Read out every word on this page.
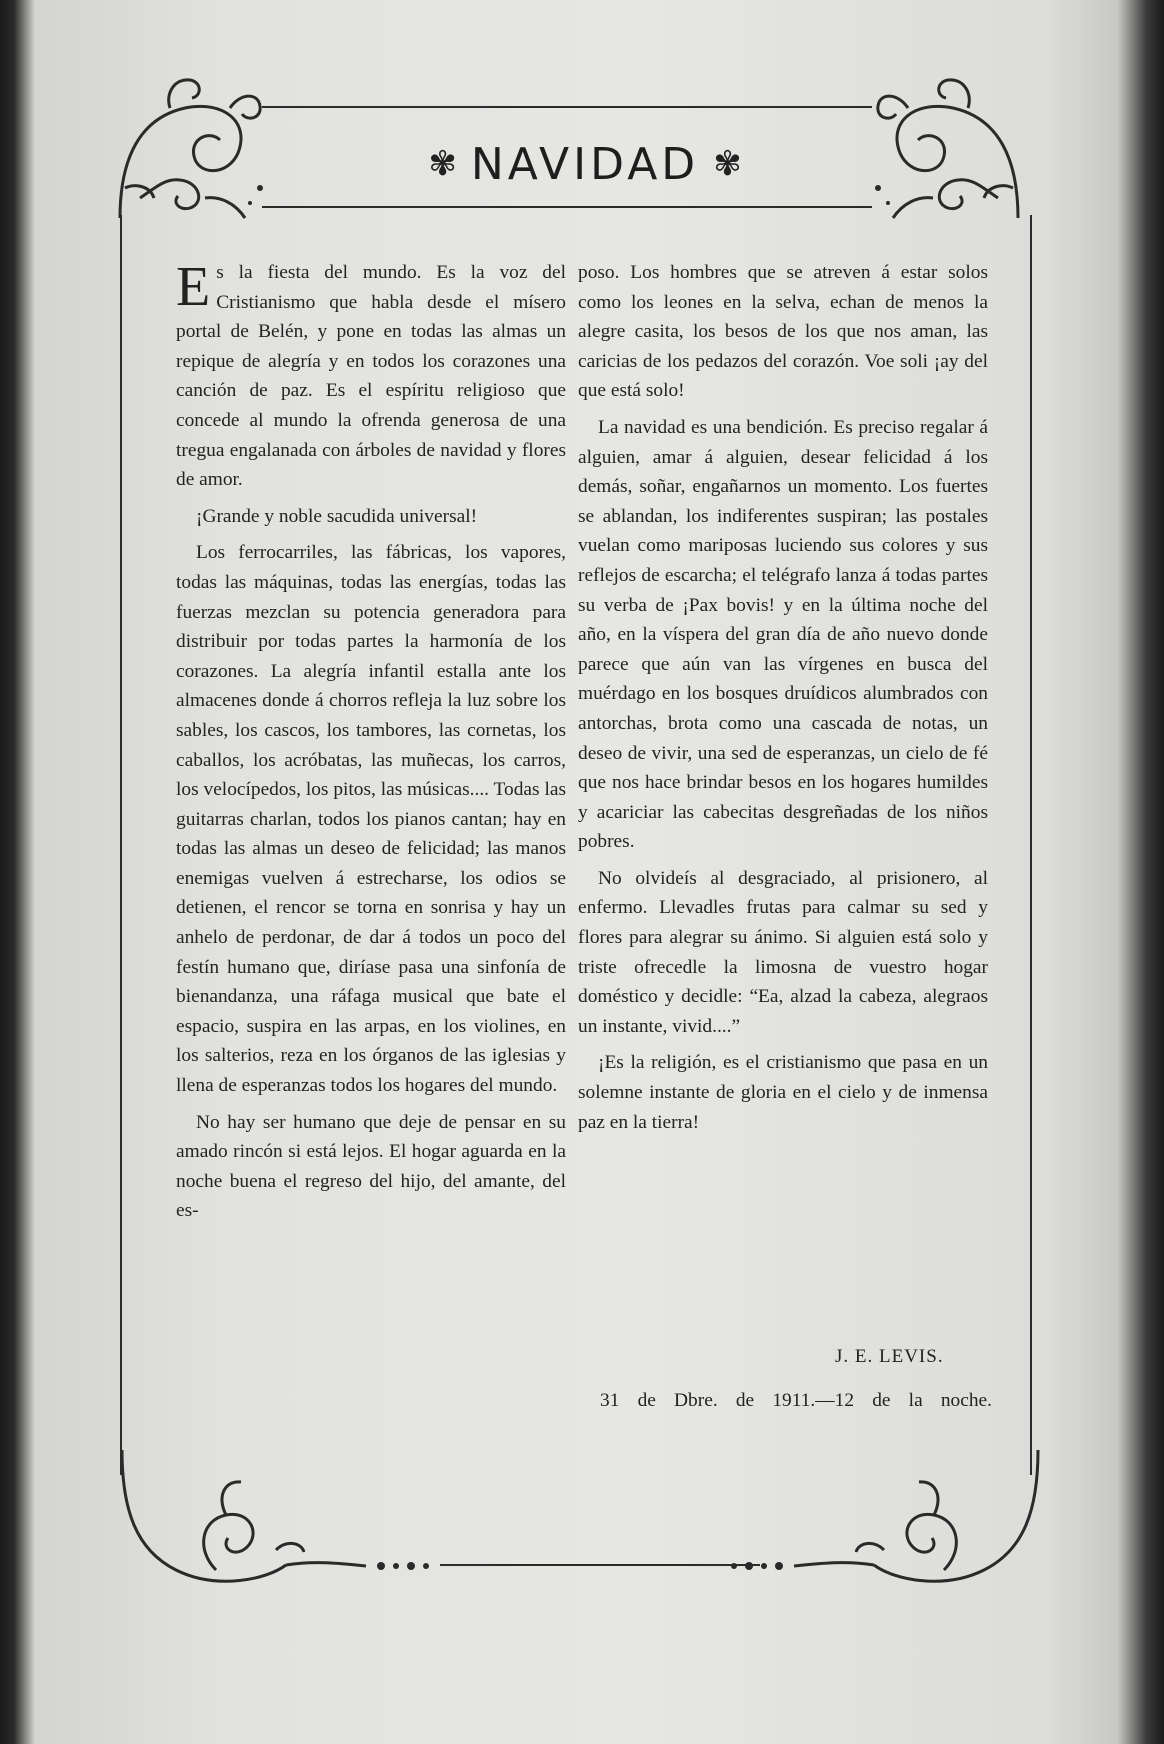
✾ NAVIDAD ✾

Es la fiesta del mundo. Es la voz del Cristianismo que habla desde el mísero portal de Belén, y pone en todas las almas un repique de alegría y en todos los corazones una canción de paz. Es el espíritu religioso que concede al mundo la ofrenda generosa de una tregua engalanada con árboles de navidad y flores de amor.

¡Grande y noble sacudida universal!

Los ferrocarriles, las fábricas, los vapores, todas las máquinas, todas las energías, todas las fuerzas mezclan su potencia generadora para distribuir por todas partes la harmonía de los corazones. La alegría infantil estalla ante los almacenes donde á chorros refleja la luz sobre los sables, los cascos, los tambores, las cornetas, los caballos, los acróbatas, las muñecas, los carros, los velocípedos, los pitos, las músicas.... Todas las guitarras charlan, todos los pianos cantan; hay en todas las almas un deseo de felicidad; las manos enemigas vuelven á estrecharse, los odios se detienen, el rencor se torna en sonrisa y hay un anhelo de perdonar, de dar á todos un poco del festín humano que, diríase pasa una sinfonía de bienandanza, una ráfaga musical que bate el espacio, suspira en las arpas, en los violines, en los salterios, reza en los órganos de las iglesias y llena de esperanzas todos los hogares del mundo.

No hay ser humano que deje de pensar en su amado rincón si está lejos. El hogar aguarda en la noche buena el regreso del hijo, del amante, del es-

poso. Los hombres que se atreven á estar solos como los leones en la selva, echan de menos la alegre casita, los besos de los que nos aman, las caricias de los pedazos del corazón. Voe soli ¡ay del que está solo!

La navidad es una bendición. Es preciso regalar á alguien, amar á alguien, desear felicidad á los demás, soñar, engañarnos un momento. Los fuertes se ablandan, los indiferentes suspiran; las postales vuelan como mariposas luciendo sus colores y sus reflejos de escarcha; el telégrafo lanza á todas partes su verba de ¡Pax bovis! y en la última noche del año, en la víspera del gran día de año nuevo donde parece que aún van las vírgenes en busca del muérdago en los bosques druídicos alumbrados con antorchas, brota como una cascada de notas, un deseo de vivir, una sed de esperanzas, un cielo de fé que nos hace brindar besos en los hogares humildes y acariciar las cabecitas desgreñadas de los niños pobres.

No olvideís al desgraciado, al prisionero, al enfermo. Llevadles frutas para calmar su sed y flores para alegrar su ánimo. Si alguien está solo y triste ofrecedle la limosna de vuestro hogar doméstico y decidle: “Ea, alzad la cabeza, alegraos un instante, vivid....”

¡Es la religión, es el cristianismo que pasa en un solemne instante de gloria en el cielo y de inmensa paz en la tierra!

J. E. LEVIS.
31 de Dbre. de 1911.—12 de la noche.
